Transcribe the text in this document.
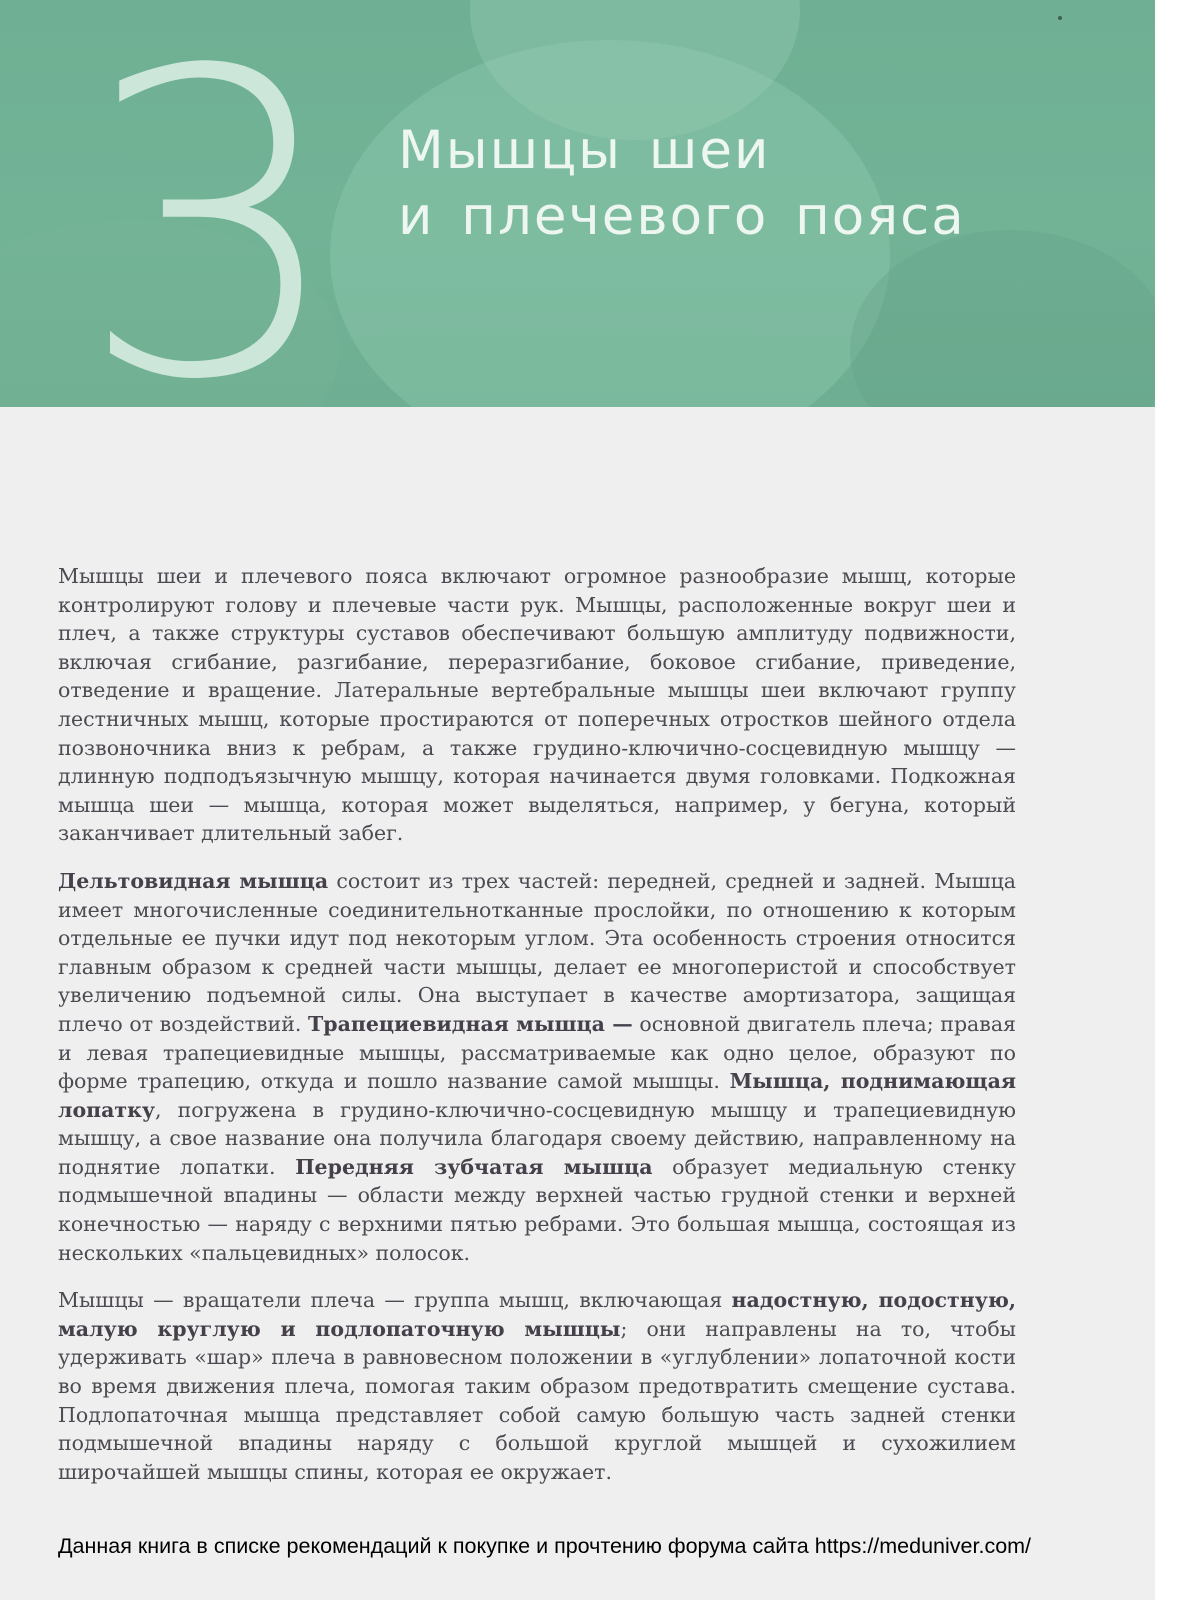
3 Мышцы шеи
и плечевого пояса

Мышцы шеи и плечевого пояса включают огромное разнообразие мышц, которые контролируют голову и плечевые части рук. Мышцы, расположенные вокруг шеи и плеч, а также структуры суставов обеспечивают большую амплитуду подвижности, включая сгибание, разгибание, переразгибание, боковое сгибание, приведение, отведение и вращение. Латеральные вертебральные мышцы шеи включают группу лестничных мышц, которые простираются от поперечных отростков шейного отдела позвоночника вниз к ребрам, а также грудино-ключично-сосцевидную мышцу — длинную подподъязычную мышцу, которая начинается двумя головками. Подкожная мышца шеи — мышца, которая может выделяться, например, у бегуна, который заканчивает длительный забег.

Дельтовидная мышца состоит из трех частей: передней, средней и задней. Мышца имеет многочисленные соединительнотканные прослойки, по отношению к которым отдельные ее пучки идут под некоторым углом. Эта особенность строения относится главным образом к средней части мышцы, делает ее многоперистой и способствует увеличению подъемной силы. Она выступает в качестве амортизатора, защищая плечо от воздействий. Трапециевидная мышца — основной двигатель плеча; правая и левая трапециевидные мышцы, рассматриваемые как одно целое, образуют по форме трапецию, откуда и пошло название самой мышцы. Мышца, поднимающая лопатку, погружена в грудино-ключично-сосцевидную мышцу и трапециевидную мышцу, а свое название она получила благодаря своему действию, направленному на поднятие лопатки. Передняя зубчатая мышца образует медиальную стенку подмышечной впадины — области между верхней частью грудной стенки и верхней конечностью — наряду с верхними пятью ребрами. Это большая мышца, состоящая из нескольких «пальцевидных» полосок.

Мышцы — вращатели плеча — группа мышц, включающая надостную, подостную, малую круглую и подлопаточную мышцы; они направлены на то, чтобы удерживать «шар» плеча в равновесном положении в «углублении» лопаточной кости во время движения плеча, помогая таким образом предотвратить смещение сустава. Подлопаточная мышца представляет собой самую большую часть задней стенки подмышечной впадины наряду с большой круглой мышцей и сухожилием широчайшей мышцы спины, которая ее окружает.

Данная книга в списке рекомендаций к покупке и прочтению форума сайта https://meduniver.com/
